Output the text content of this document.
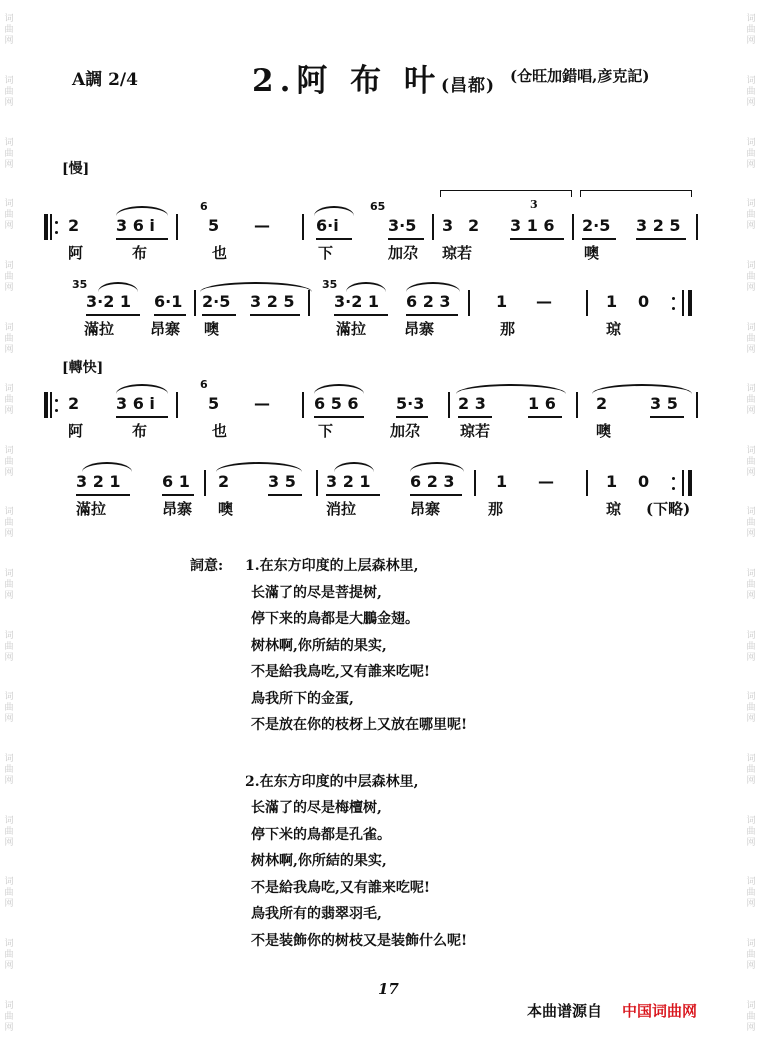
词曲网
词曲网
词曲网
词曲网
词曲网
词曲网
词曲网
词曲网
词曲网
词曲网
词曲网
词曲网
词曲网
词曲网
词曲网
词曲网
词曲网
词曲网
词曲网
词曲网
词曲网
词曲网
词曲网
词曲网
词曲网
词曲网
词曲网
词曲网
词曲网
词曲网
词曲网
词曲网
词曲网
词曲网
A調 2/4	2.阿 布 叶(昌都) (仓旺加錯唱,彦克記)
[慢]
[轉快]
2 3 6 i
6
5 —	6·i
65
3·5 3 2
3
3 1 6 2·5 3 2 5
阿	布	也	下	加尕 琼若	噢
35
3·2 1 6·1 2·5 3 2 5
35
3·2 1 6 2 3	1 —	1 0
滿拉 昂寨 噢	滿拉	昂寨	那	琼
2 3 6 i
6
5 —	6 5 6 5·3 2 3	1 6	2	3 5
阿	布	也	下	加尕	琼若	噢
3 2 1	6 1 2 3 5 3 2 1 6 2 3	1 —	1 0
滿拉	昂寨 噢	消拉	昂寨	那	琼 (下略)
詞意: 1.在东方印度的上层森林里,
长滿了的尽是菩提树,
停下来的鳥都是大鵬金翅。
树林啊,你所結的果实,
不是給我鳥吃,又有誰来吃呢!
鳥我所下的金蛋,
不是放在你的枝枒上又放在哪里呢!
2.在东方印度的中层森林里,
长滿了的尽是梅檀树,
停下米的鳥都是孔雀。
树林啊,你所結的果实,
不是給我鳥吃,又有誰来吃呢!
鳥我所有的翡翠羽毛,
不是装飾你的树枝又是装飾什么呢!
17
本曲谱源自 中国词曲网
